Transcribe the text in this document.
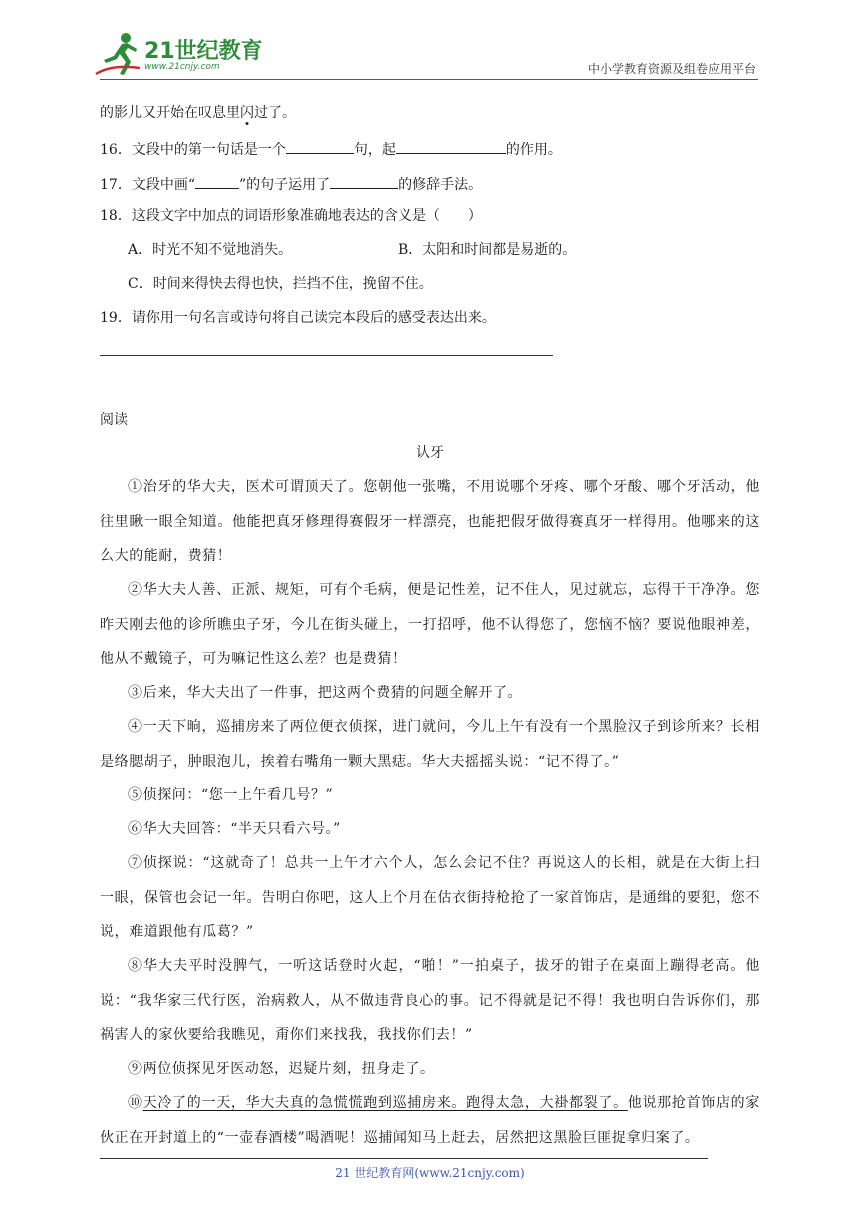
21世纪教育
www.21cnjy.com	中小学教育资源及组卷应用平台
的影儿又开始在叹息里闪过了。
16．文段中的第一句话是一个	句，起	的作用。
17．文段中画“	”的句子运用了	的修辞手法。
18．这段文字中加点的词语形象准确地表达的含义是（　　）
A．时光不知不觉地消失。	B．太阳和时间都是易逝的。
C．时间来得快去得也快，拦挡不住，挽留不住。
19．请你用一句名言或诗句将自己读完本段后的感受表达出来。
阅读
认牙
①治牙的华大夫，医术可谓顶天了。您朝他一张嘴，不用说哪个牙疼、哪个牙酸、哪个牙活动，他往里瞅一眼全知道。他能把真牙修理得赛假牙一样漂亮，也能把假牙做得赛真牙一样得用。他哪来的这么大的能耐，费猜！
②华大夫人善、正派、规矩，可有个毛病，便是记性差，记不住人，见过就忘，忘得干干净净。您昨天刚去他的诊所瞧虫子牙，今儿在街头碰上，一打招呼，他不认得您了，您恼不恼？要说他眼神差，他从不戴镜子，可为嘛记性这么差？也是费猜！
③后来，华大夫出了一件事，把这两个费猜的问题全解开了。
④一天下晌，巡捕房来了两位便衣侦探，进门就问，今儿上午有没有一个黑脸汉子到诊所来？长相是络腮胡子，肿眼泡儿，挨着右嘴角一颗大黑痣。华大夫摇摇头说：“记不得了。”
⑤侦探问：“您一上午看几号？”
⑥华大夫回答：“半天只看六号。”
⑦侦探说：“这就奇了！总共一上午才六个人，怎么会记不住？再说这人的长相，就是在大街上扫一眼，保管也会记一年。告明白你吧，这人上个月在估衣街持枪抢了一家首饰店，是通缉的要犯，您不说，难道跟他有瓜葛？”
⑧华大夫平时没脾气，一听这话登时火起，“啪！”一拍桌子，拔牙的钳子在桌面上蹦得老高。他说：“我华家三代行医，治病救人，从不做违背良心的事。记不得就是记不得！我也明白告诉你们，那祸害人的家伙要给我瞧见，甭你们来找我，我找你们去！”
⑨两位侦探见牙医动怒，迟疑片刻，扭身走了。
⑩天冷了的一天，华大夫真的急慌慌跑到巡捕房来。跑得太急，大褂都裂了。他说那抢首饰店的家伙正在开封道上的“一壶春酒楼”喝酒呢！巡捕闻知马上赶去，居然把这黑脸巨匪捉拿归案了。
21 世纪教育网(www.21cnjy.com)
